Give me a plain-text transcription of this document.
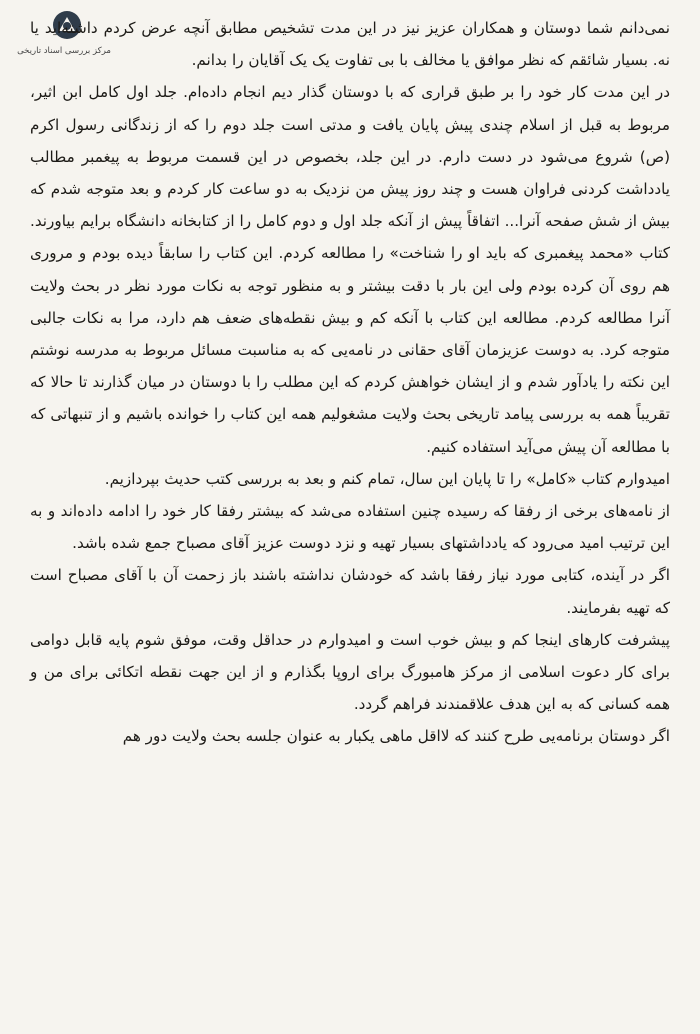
مرکز بررسی اسناد تاریخی

نمی‌دانم شما دوستان و همکاران عزیز نیز در این مدت تشخیص مطابق آنچه عرض کردم داشته‌اید یا نه. بسیار شائقم که نظر موافق یا مخالف با بی تفاوت یک یک آقایان را بدانم.

در این مدت کار خود را بر طبق قراری که با دوستان گذار دیم انجام داده‌ام. جلد اول کامل ابن اثیر، مربوط به قبل از اسلام چندی پیش پایان یافت و مدتی است جلد دوم را که از زندگانی رسول اکرم (ص) شروع می‌شود در دست دارم. در این جلد، بخصوص در این قسمت مربوط به پیغمبر مطالب یادداشت کردنی فراوان هست و چند روز پیش من نزدیک به دو ساعت کار کردم و بعد متوجه شدم که بیش از شش صفحه آنرا... اتفاقاً پیش از آنکه جلد اول و دوم کامل را از کتابخانه دانشگاه برایم بیاورند. کتاب «محمد پیغمبری که باید او را شناخت» را مطالعه کردم. این کتاب را سابقاً دیده بودم و مروری هم روی آن کرده بودم ولی این بار با دقت بیشتر و به منظور توجه به نکات مورد نظر در بحث ولایت آنرا مطالعه کردم. مطالعه این کتاب با آنکه کم و بیش نقطه‌های ضعف هم دارد، مرا به نکات جالبی متوجه کرد. به دوست عزیزمان آقای حقانی در نامه‌یی که به مناسبت مسائل مربوط به مدرسه نوشتم این نکته را یادآور شدم و از ایشان خواهش کردم که این مطلب را با دوستان در میان گذارند تا حالا که تقریباً همه به بررسی پیامد تاریخی بحث ولایت مشغولیم همه این کتاب را خوانده باشیم و از تنبهاتی که با مطالعه آن پیش می‌آید استفاده کنیم.

امیدوارم کتاب «کامل» را تا پایان این سال، تمام کنم و بعد به بررسی کتب حدیث بپردازیم.

از نامه‌های برخی از رفقا که رسیده چنین استفاده می‌شد که بیشتر رفقا کار خود را ادامه داده‌اند و به این ترتیب امید می‌رود که یادداشتهای بسیار تهیه و نزد دوست عزیز آقای مصباح جمع شده باشد.

اگر در آینده، کتابی مورد نیاز رفقا باشد که خودشان نداشته باشند باز زحمت آن با آقای مصباح است که تهیه بفرمایند.

پیشرفت کارهای اینجا کم و بیش خوب است و امیدوارم در حداقل وقت، موفق شوم پایه قابل دوامی برای کار دعوت اسلامی از مرکز هامبورگ برای اروپا بگذارم و از این جهت نقطه اتکائی برای من و همه کسانی که به این هدف علاقمندند فراهم گردد.

اگر دوستان برنامه‌یی طرح کنند که لااقل ماهی یکبار به عنوان جلسه بحث ولایت دور هم
